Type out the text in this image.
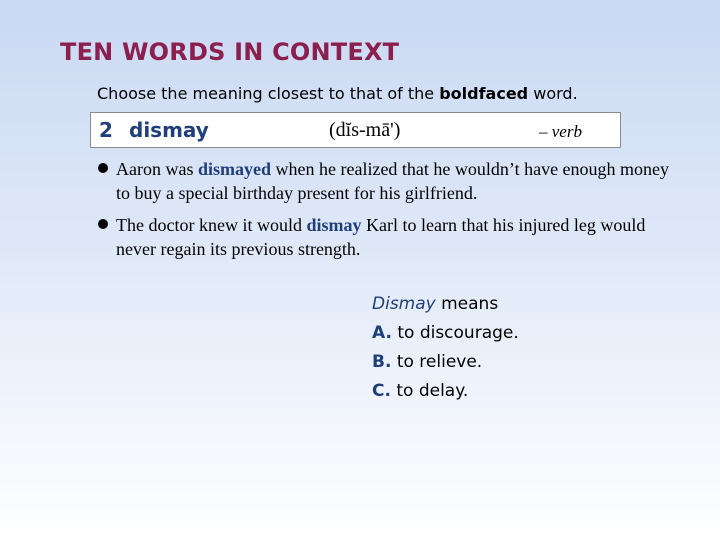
TEN WORDS IN CONTEXT
Choose the meaning closest to that of the boldfaced word.
2 dismay	(dĭs-mā')	– verb
Aaron was dismayed when he realized that he wouldn’t have enough money to buy a special birthday present for his girlfriend.
The doctor knew it would dismay Karl to learn that his injured leg would never regain its previous strength.
Dismay means
A. to discourage.
B. to relieve.
C. to delay.
